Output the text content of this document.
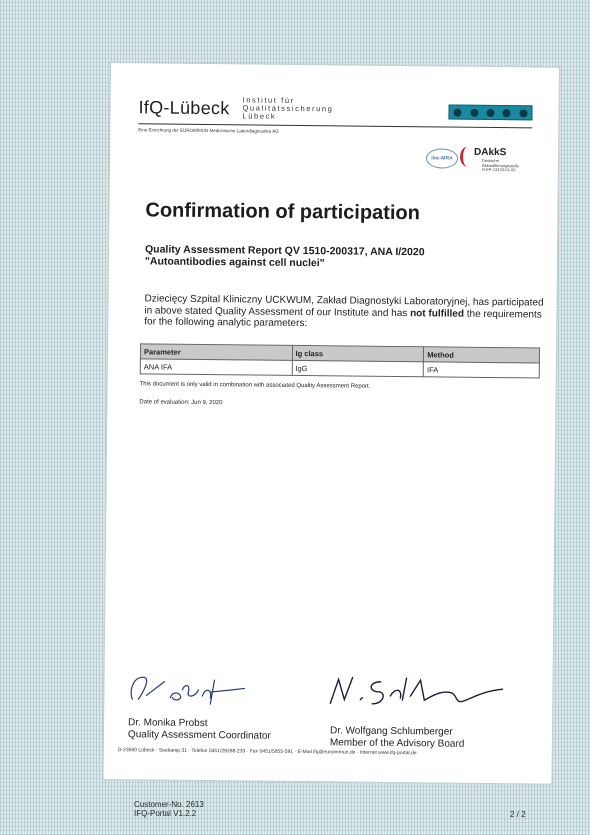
IfQ-Lübeck Institut für
Qualitätssicherung
Lübeck
Eine Einrichtung der EUROIMMUN Medizinische Labordiagnostika AG
ilac-MRA
DAkkS
Deutsche
Akkreditierungsstelle
D-EP-13423-01-00
Confirmation of participation
Quality Assessment Report QV 1510-200317, ANA I/2020
"Autoantibodies against cell nuclei"
Dziecięcy Szpital Kliniczny UCKWUM, Zakład Diagnostyki Laboratoryjnej, has participated in above stated Quality Assessment of our Institute and has not fulfilled the requirements for the following analytic parameters:
Parameter	Ig class	Method
ANA IFA	IgG	IFA
This document is only valid in combination with associated Quality Assessment Report.
Date of evaluation: Jun 9, 2020
Dr. Monika Probst
Quality Assessment Coordinator	Dr. Wolfgang Schlumberger
Member of the Advisory Board
D-23560 Lübeck · Seekamp 31 · Telefon 0451/29288-233 · Fax 0451/5855-591 · E-Mail ifq@euroimmun.de · Internet www.ifq-portal.de
Customer-No. 2613
IFQ-Portal V1.2.2	2 / 2
